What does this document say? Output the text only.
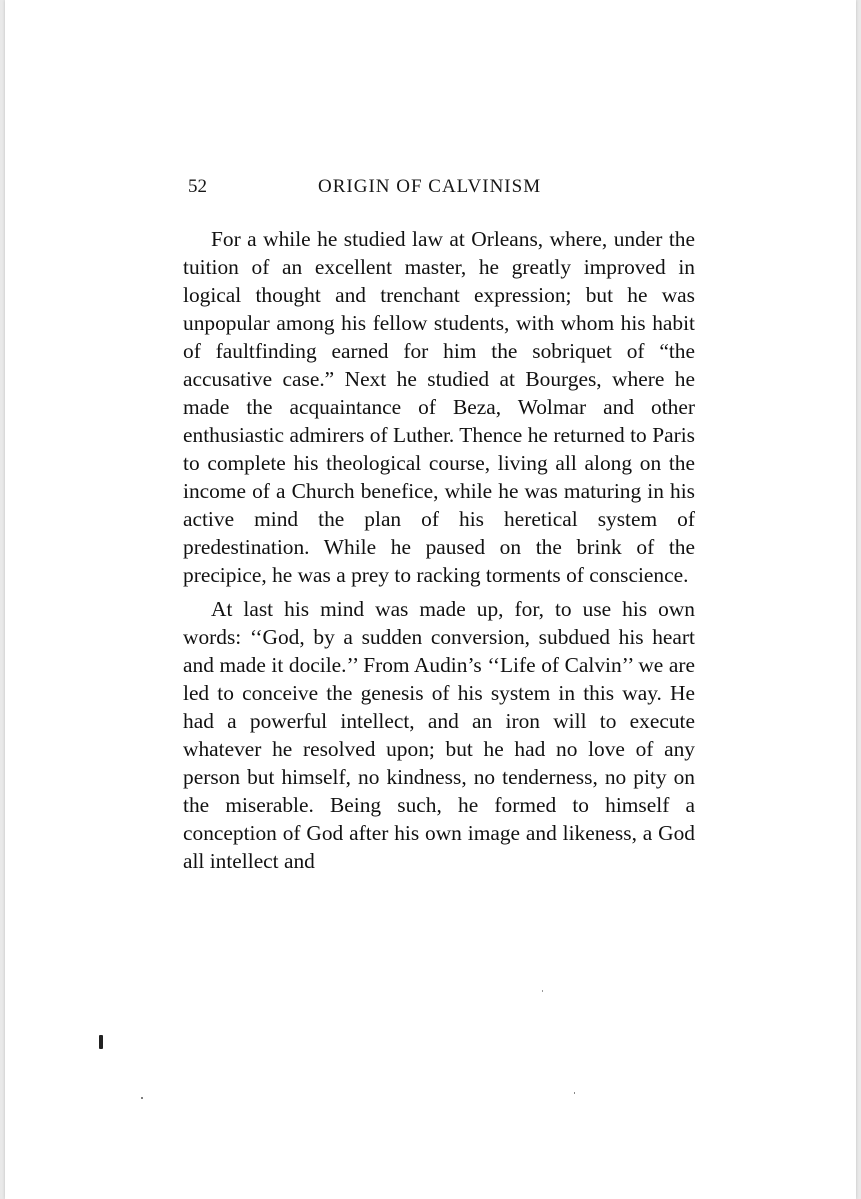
52	ORIGIN OF CALVINISM

For a while he studied law at Orleans, where, under the tuition of an excellent master, he greatly improved in logical thought and trenchant expression; but he was unpopular among his fellow students, with whom his habit of faultfinding earned for him the sobriquet of “the accusative case.” Next he studied at Bourges, where he made the acquaintance of Beza, Wolmar and other enthusiastic admirers of Luther. Thence he returned to Paris to complete his theological course, living all along on the income of a Church benefice, while he was maturing in his active mind the plan of his heretical system of predestination. While he paused on the brink of the precipice, he was a prey to racking torments of conscience.

At last his mind was made up, for, to use his own words: ‘‘God, by a sudden conversion, subdued his heart and made it docile.’’ From Audin’s ‘‘Life of Calvin’’ we are led to conceive the genesis of his system in this way. He had a powerful intellect, and an iron will to execute whatever he resolved upon; but he had no love of any person but himself, no kindness, no tenderness, no pity on the miserable. Being such, he formed to himself a conception of God after his own image and likeness, a God all intellect and
